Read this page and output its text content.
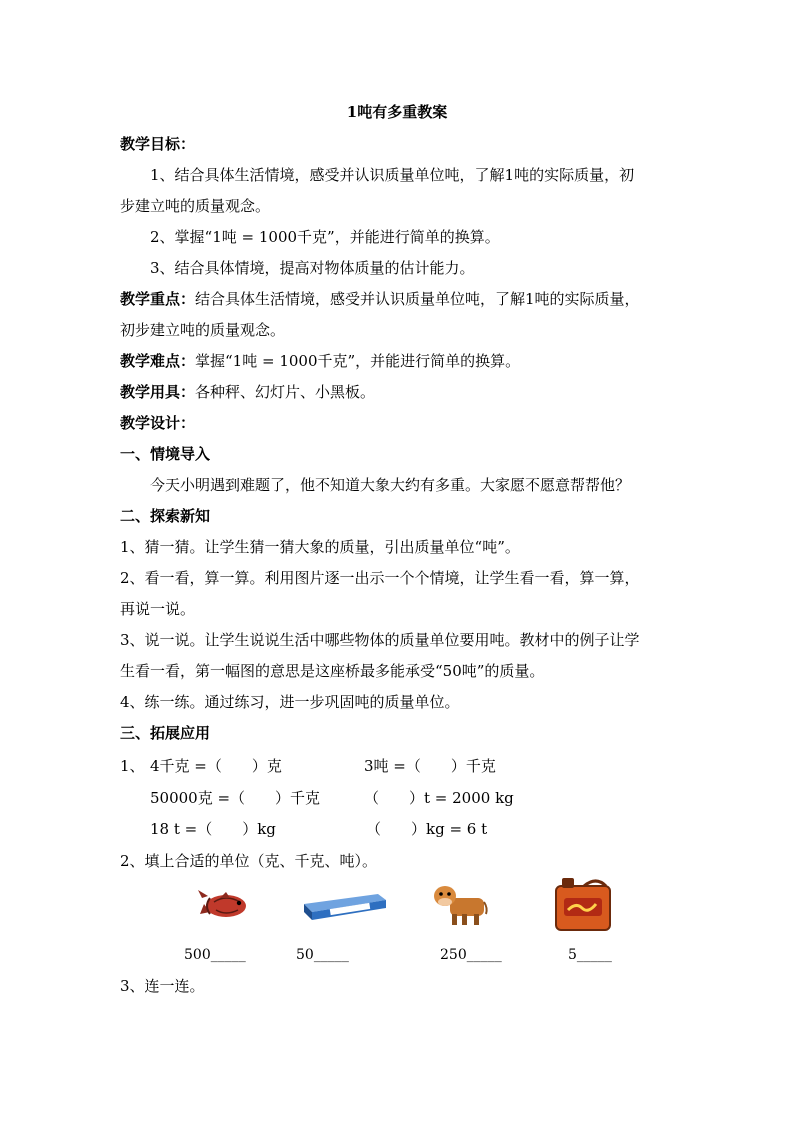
1吨有多重教案
教学目标：
1、结合具体生活情境，感受并认识质量单位吨，了解1吨的实际质量，初
步建立吨的质量观念。
2、掌握“1吨 = 1000千克”，并能进行简单的换算。
3、结合具体情境，提高对物体质量的估计能力。
教学重点：结合具体生活情境，感受并认识质量单位吨，了解1吨的实际质量，
初步建立吨的质量观念。
教学难点：掌握“1吨 = 1000千克”，并能进行简单的换算。
教学用具：各种秤、幻灯片、小黑板。
教学设计：
一、情境导入
今天小明遇到难题了，他不知道大象大约有多重。大家愿不愿意帮帮他？
二、探索新知
1、猜一猜。让学生猜一猜大象的质量，引出质量单位“吨”。
2、看一看，算一算。利用图片逐一出示一个个情境，让学生看一看，算一算，
再说一说。
3、说一说。让学生说说生活中哪些物体的质量单位要用吨。教材中的例子让学
生看一看，第一幅图的意思是这座桥最多能承受“50吨”的质量。
4、练一练。通过练习，进一步巩固吨的质量单位。
三、拓展应用
1、 4千克 =（　　）克	3吨 =（　　）千克
50000克 =（　　）千克	（　　）t = 2000 kg
18 t =（　　）kg	（　　）kg = 6 t
2、填上合适的单位（克、千克、吨）。
500_____	50_____	250_____	5_____
3、连一连。
